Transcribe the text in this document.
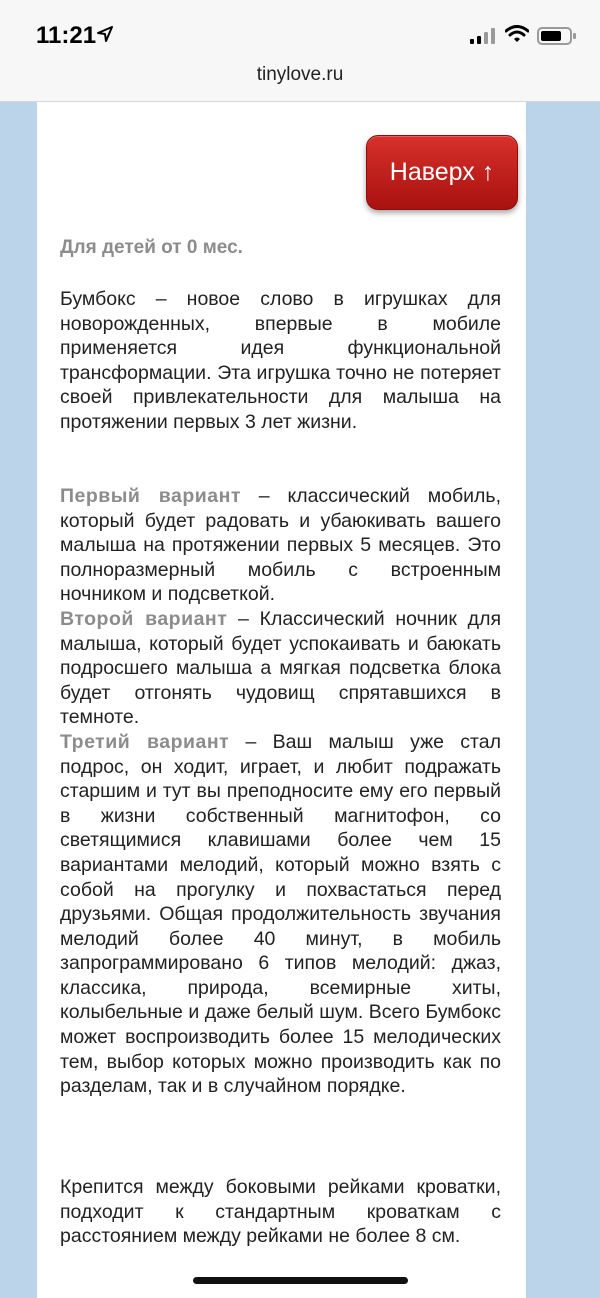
11:21
tinylove.ru
Наверх ↑
Для детей от 0 мес.

Бумбокс – новое слово в игрушках для новорожденных, впервые в мобиле применяется идея функциональной трансформации. Эта игрушка точно не потеряет своей привлекательности для малыша на протяжении первых 3 лет жизни.

Первый вариант – классический мобиль, который будет радовать и убаюкивать вашего малыша на протяжении первых 5 месяцев. Это полноразмерный мобиль с встроенным ночником и подсветкой.
Второй вариант – Классический ночник для малыша, который будет успокаивать и баюкать подросшего малыша а мягкая подсветка блока будет отгонять чудовищ спрятавшихся в темноте.
Третий вариант – Ваш малыш уже стал подрос, он ходит, играет, и любит подражать старшим и тут вы преподносите ему его первый в жизни собственный магнитофон, со светящимися клавишами более чем 15 вариантами мелодий, который можно взять с собой на прогулку и похвастаться перед друзьями. Общая продолжительность звучания мелодий более 40 минут, в мобиль запрограммировано 6 типов мелодий: джаз, классика, природа, всемирные хиты, колыбельные и даже белый шум. Всего Бумбокс может воспроизводить более 15 мелодических тем, выбор которых можно производить как по разделам, так и в случайном порядке.

Крепится между боковыми рейками кроватки, подходит к стандартным кроваткам с расстоянием между рейками не более 8 см.
